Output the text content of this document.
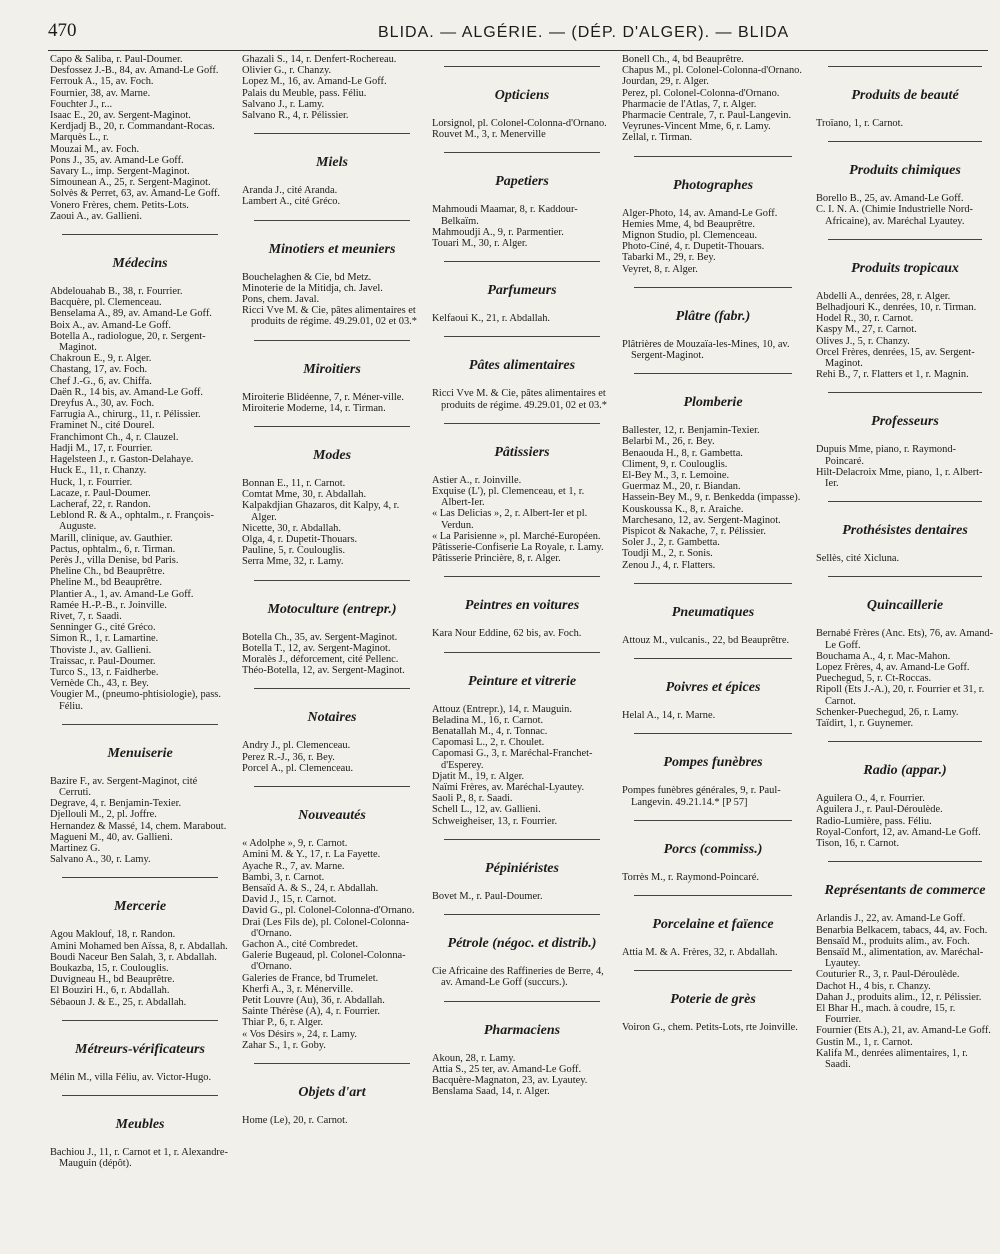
470	BLIDA. — ALGÉRIE. — (DÉP. D'ALGER). — BLIDA
Capo & Saliba, r. Paul-Doumer.
Desfossez J.-B., 84, av. Amand-Le Goff.
Ferrouk A., 15, av. Foch.
Fournier, 38, av. Marne.
Fouchter J., r...
Isaac E., 20, av. Sergent-Maginot.
Kerdjadj B., 20, r. Commandant-Rocas.
Marquès L., r.
Mouzai M., av. Foch.
Pons J., 35, av. Amand-Le Goff.
Savary L., imp. Sergent-Maginot.
Simounean A., 25, r. Sergent-Maginot.
Solvès & Perret, 63, av. Amand-Le Goff.
Vonero Frères, chem. Petits-Lots.
Zaoui A., av. Gallieni.
Médecins
Abdelouahab B., 38, r. Fourrier.
Bacquère, pl. Clemenceau.
Benselama A., 89, av. Amand-Le Goff.
Boix A., av. Amand-Le Goff.
Botella A., radiologue, 20, r. Sergent-Maginot.
Chakroun E., 9, r. Alger.
Chastang, 17, av. Foch.
Chef J.-G., 6, av. Chiffa.
Daën R., 14 bis, av. Amand-Le Goff.
Dreyfus A., 30, av. Foch.
Farrugia A., chirurg., 11, r. Pélissier.
Framinet N., cité Dourel.
Franchimont Ch., 4, r. Clauzel.
Hadji M., 17, r. Fourrier.
Hagelsteen J., r. Gaston-Delahaye.
Huck E., 11, r. Chanzy.
Huck, 1, r. Fourrier.
Lacaze, r. Paul-Doumer.
Lacheraf, 22, r. Randon.
Leblond R. & A., ophtalm., r. François-Auguste.
Marill, clinique, av. Gauthier.
Pactus, ophtalm., 6, r. Tirman.
Perès J., villa Denise, bd Paris.
Pheline Ch., bd Beauprêtre.
Pheline M., bd Beauprêtre.
Plantier A., 1, av. Amand-Le Goff.
Ramée H.-P.-B., r. Joinville.
Rivet, 7, r. Saadi.
Senninger G., cité Gréco.
Simon R., 1, r. Lamartine.
Thoviste J., av. Gallieni.
Traissac, r. Paul-Doumer.
Turco S., 13, r. Faidherbe.
Vernède Ch., 43, r. Bey.
Vougier M., (pneumo-phtisiologie), pass. Féliu.
Menuiserie
Bazire F., av. Sergent-Maginot, cité Cerruti.
Degrave, 4, r. Benjamin-Texier.
Djellouli M., 2, pl. Joffre.
Hernandez & Massé, 14, chem. Marabout.
Magueni M., 40, av. Gallieni.
Martinez G.
Salvano A., 30, r. Lamy.
Mercerie
Agou Maklouf, 18, r. Randon.
Amini Mohamed ben Aïssa, 8, r. Abdallah.
Boudi Naceur Ben Salah, 3, r. Abdallah.
Boukazba, 15, r. Coulouglis.
Duvigneau H., bd Beauprêtre.
El Bouziri H., 6, r. Abdallah.
Sébaoun J. & E., 25, r. Abdallah.
Métreurs-vérificateurs
Mélin M., villa Féliu, av. Victor-Hugo.
Meubles
Bachiou J., 11, r. Carnot et 1, r. Alexandre-Mauguin (dépôt).
Ghazali S., 14, r. Denfert-Rochereau.
Olivier G., r. Chanzy.
Lopez M., 16, av. Amand-Le Goff.
Palais du Meuble, pass. Féliu.
Salvano J., r. Lamy.
Salvano R., 4, r. Pélissier.
Miels
Aranda J., cité Aranda.
Lambert A., cité Gréco.
Minotiers et meuniers
Bouchelaghen & Cie, bd Metz.
Minoterie de la Mitidja, ch. Javel.
Pons, chem. Javal.
Ricci Vve M. & Cie, pâtes alimentaires et produits de régime. 49.29.01, 02 et 03.*
Miroitiers
Miroiterie Blidéenne, 7, r. Méner-ville.
Miroiterie Moderne, 14, r. Tirman.
Modes
Bonnan E., 11, r. Carnot.
Comtat Mme, 30, r. Abdallah.
Kalpakdjian Ghazaros, dit Kalpy, 4, r. Alger.
Nicette, 30, r. Abdallah.
Olga, 4, r. Dupetit-Thouars.
Pauline, 5, r. Coulouglis.
Serra Mme, 32, r. Lamy.
Motoculture (entrepr.)
Botella Ch., 35, av. Sergent-Maginot.
Botella T., 12, av. Sergent-Maginot.
Moralès J., déforcement, cité Pellenc.
Théo-Botella, 12, av. Sergent-Maginot.
Notaires
Andry J., pl. Clemenceau.
Perez R.-J., 36, r. Bey.
Porcel A., pl. Clemenceau.
Nouveautés
« Adolphe », 9, r. Carnot.
Amini M. & Y., 17, r. La Fayette.
Ayache R., 7, av. Marne.
Bambi, 3, r. Carnot.
Bensaïd A. & S., 24, r. Abdallah.
David J., 15, r. Carnot.
David G., pl. Colonel-Colonna-d'Ornano.
Drai (Les Fils de), pl. Colonel-Colonna-d'Ornano.
Gachon A., cité Combredet.
Galerie Bugeaud, pl. Colonel-Colonna-d'Ornano.
Galeries de France, bd Trumelet.
Kherfi A., 3, r. Ménerville.
Petit Louvre (Au), 36, r. Abdallah.
Sainte Thérèse (A), 4, r. Fourrier.
Thiar P., 6, r. Alger.
« Vos Désirs », 24, r. Lamy.
Zahar S., 1, r. Goby.
Objets d'art
Home (Le), 20, r. Carnot.
Opticiens
Lorsignol, pl. Colonel-Colonna-d'Ornano.
Rouvet M., 3, r. Menerville
Papetiers
Mahmoudi Maamar, 8, r. Kaddour-Belkaïm.
Mahmoudji A., 9, r. Parmentier.
Touari M., 30, r. Alger.
Parfumeurs
Kelfaoui K., 21, r. Abdallah.
Pâtes alimentaires
Ricci Vve M. & Cie, pâtes alimentaires et produits de régime. 49.29.01, 02 et 03.*
Pâtissiers
Astier A., r. Joinville.
Exquise (L'), pl. Clemenceau, et 1, r. Albert-Ier.
« Las Delicias », 2, r. Albert-Ier et pl. Verdun.
« La Parisienne », pl. Marché-Européen.
Pâtisserie-Confiserie La Royale, r. Lamy.
Pâtisserie Princière, 8, r. Alger.
Peintres en voitures
Kara Nour Eddine, 62 bis, av. Foch.
Peinture et vitrerie
Attouz (Entrepr.), 14, r. Mauguin.
Beladina M., 16, r. Carnot.
Benatallah M., 4, r. Tonnac.
Capomasi L., 2, r. Choulet.
Capomasi G., 3, r. Maréchal-Franchet-d'Esperey.
Djatit M., 19, r. Alger.
Naïmi Frères, av. Maréchal-Lyautey.
Saoli P., 8, r. Saadi.
Schell L., 12, av. Gallieni.
Schweigheiser, 13, r. Fourrier.
Pépiniéristes
Bovet M., r. Paul-Doumer.
Pétrole (négoc. et distrib.)
Cie Africaine des Raffineries de Berre, 4, av. Amand-Le Goff (succurs.).
Pharmaciens
Akoun, 28, r. Lamy.
Attia S., 25 ter, av. Amand-Le Goff.
Bacquère-Magnaton, 23, av. Lyautey.
Benslama Saad, 14, r. Alger.
Bonell Ch., 4, bd Beauprêtre.
Chapus M., pl. Colonel-Colonna-d'Ornano.
Jourdan, 29, r. Alger.
Perez, pl. Colonel-Colonna-d'Ornano.
Pharmacie de l'Atlas, 7, r. Alger.
Pharmacie Centrale, 7, r. Paul-Langevin.
Veyrunes-Vincent Mme, 6, r. Lamy.
Zellal, r. Tirman.
Photographes
Alger-Photo, 14, av. Amand-Le Goff.
Hemies Mme, 4, bd Beauprêtre.
Mignon Studio, pl. Clemenceau.
Photo-Ciné, 4, r. Dupetit-Thouars.
Tabarki M., 29, r. Bey.
Veyret, 8, r. Alger.
Plâtre (fabr.)
Plâtrières de Mouzaïa-les-Mines, 10, av. Sergent-Maginot.
Plomberie
Ballester, 12, r. Benjamin-Texier.
Belarbi M., 26, r. Bey.
Benaouda H., 8, r. Gambetta.
Climent, 9, r. Coulouglis.
El-Bey M., 3, r. Lemoine.
Guermaz M., 20, r. Biandan.
Hassein-Bey M., 9, r. Benkedda (impasse).
Kouskoussa K., 8, r. Araiche.
Marchesano, 12, av. Sergent-Maginot.
Pispicot & Nakache, 7, r. Pélissier.
Soler J., 2, r. Gambetta.
Toudji M., 2, r. Sonis.
Zenou J., 4, r. Flatters.
Pneumatiques
Attouz M., vulcanis., 22, bd Beauprêtre.
Poivres et épices
Helal A., 14, r. Marne.
Pompes funèbres
Pompes funèbres générales, 9, r. Paul-Langevin. 49.21.14.* [P 57]
Porcs (commiss.)
Torrès M., r. Raymond-Poincaré.
Porcelaine et faïence
Attia M. & A. Frères, 32, r. Abdallah.
Poterie de grès
Voiron G., chem. Petits-Lots, rte Joinville.
Produits de beauté
Troïano, 1, r. Carnot.
Produits chimiques
Borello B., 25, av. Amand-Le Goff.
C. I. N. A. (Chimie Industrielle Nord-Africaine), av. Maréchal Lyautey.
Produits tropicaux
Abdelli A., denrées, 28, r. Alger.
Belhadjouri K., denrées, 10, r. Tirman.
Hodel R., 30, r. Carnot.
Kaspy M., 27, r. Carnot.
Olives J., 5, r. Chanzy.
Orcel Frères, denrées, 15, av. Sergent-Maginot.
Rehi B., 7, r. Flatters et 1, r. Magnin.
Professeurs
Dupuis Mme, piano, r. Raymond-Poincaré.
Hilt-Delacroix Mme, piano, 1, r. Albert-Ier.
Prothésistes dentaires
Sellès, cité Xicluna.
Quincaillerie
Bernabé Frères (Anc. Ets), 76, av. Amand-Le Goff.
Bouchama A., 4, r. Mac-Mahon.
Lopez Frères, 4, av. Amand-Le Goff.
Puechegud, 5, r. Ct-Roccas.
Ripoll (Ets J.-A.), 20, r. Fourrier et 31, r. Carnot.
Schenker-Puechegud, 26, r. Lamy.
Taïdirt, 1, r. Guynemer.
Radio (appar.)
Aguilera O., 4, r. Fourrier.
Aguilera J., r. Paul-Déroulède.
Radio-Lumière, pass. Féliu.
Royal-Confort, 12, av. Amand-Le Goff.
Tison, 16, r. Carnot.
Représentants de commerce
Arlandis J., 22, av. Amand-Le Goff.
Benarbia Belkacem, tabacs, 44, av. Foch.
Bensaïd M., produits alim., av. Foch.
Bensaïd M., alimentation, av. Maréchal-Lyautey.
Couturier R., 3, r. Paul-Déroulède.
Dachot H., 4 bis, r. Chanzy.
Dahan J., produits alim., 12, r. Pélissier.
El Bhar H., mach. à coudre, 15, r. Fourrier.
Fournier (Ets A.), 21, av. Amand-Le Goff.
Gustin M., 1, r. Carnot.
Kalifa M., denrées alimentaires, 1, r. Saadi.
